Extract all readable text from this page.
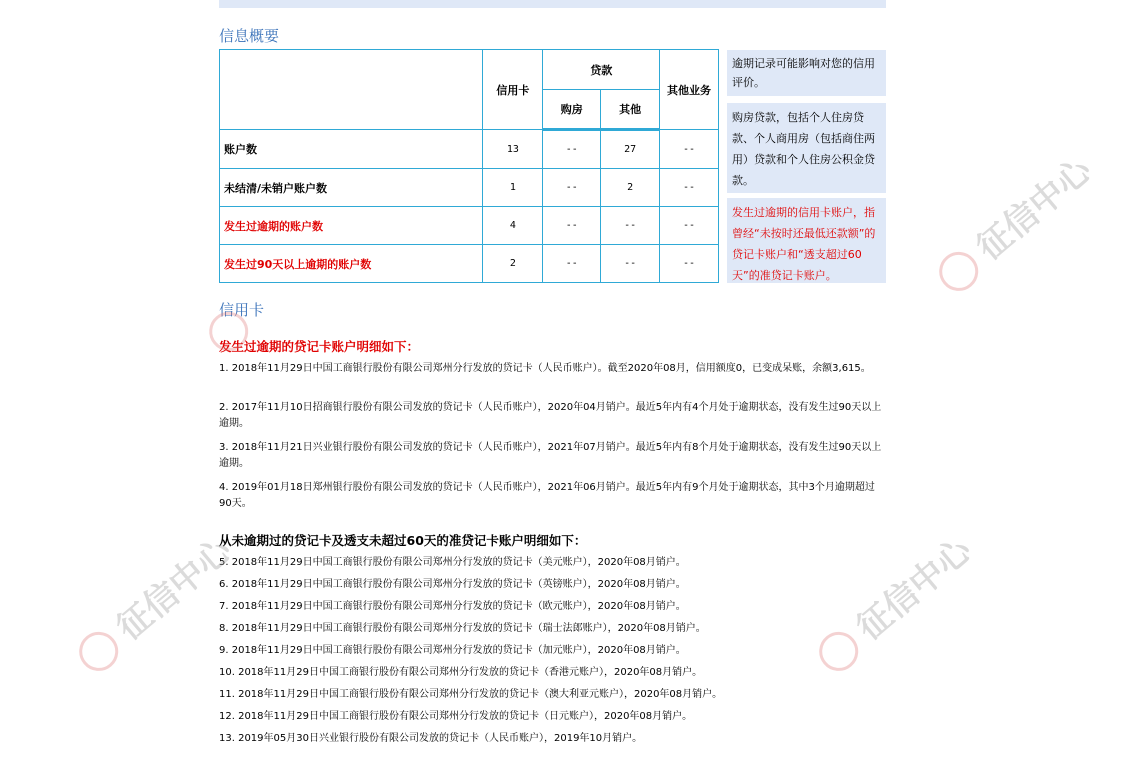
信息概要
	信用卡	贷款		其他业务
		购房	其他	
账户数	13	--	27	--
未结清/未销户账户数	1	--	2	--
发生过逾期的账户数	4	--	--	--
发生过90天以上逾期的账户数	2	--	--	--
逾期记录可能影响对您的信用评价。
购房贷款，包括个人住房贷款、个人商用房（包括商住两用）贷款和个人住房公积金贷款。
发生过逾期的信用卡账户，指曾经“未按时还最低还款额”的贷记卡账户和“透支超过60天”的准贷记卡账户。
信用卡
发生过逾期的贷记卡账户明细如下：
1. 2018年11月29日中国工商银行股份有限公司郑州分行发放的贷记卡（人民币账户）。截至2020年08月，信用额度0，已变成呆账，余额3,615。
2. 2017年11月10日招商银行股份有限公司发放的贷记卡（人民币账户），2020年04月销户。最近5年内有4个月处于逾期状态，没有发生过90天以上逾期。
3. 2018年11月21日兴业银行股份有限公司发放的贷记卡（人民币账户），2021年07月销户。最近5年内有8个月处于逾期状态，没有发生过90天以上逾期。
4. 2019年01月18日郑州银行股份有限公司发放的贷记卡（人民币账户），2021年06月销户。最近5年内有9个月处于逾期状态，其中3个月逾期超过90天。
从未逾期过的贷记卡及透支未超过60天的准贷记卡账户明细如下：
5. 2018年11月29日中国工商银行股份有限公司郑州分行发放的贷记卡（美元账户），2020年08月销户。
6. 2018年11月29日中国工商银行股份有限公司郑州分行发放的贷记卡（英镑账户），2020年08月销户。
7. 2018年11月29日中国工商银行股份有限公司郑州分行发放的贷记卡（欧元账户），2020年08月销户。
8. 2018年11月29日中国工商银行股份有限公司郑州分行发放的贷记卡（瑞士法郎账户），2020年08月销户。
9. 2018年11月29日中国工商银行股份有限公司郑州分行发放的贷记卡（加元账户），2020年08月销户。
10. 2018年11月29日中国工商银行股份有限公司郑州分行发放的贷记卡（香港元账户），2020年08月销户。
11. 2018年11月29日中国工商银行股份有限公司郑州分行发放的贷记卡（澳大利亚元账户），2020年08月销户。
12. 2018年11月29日中国工商银行股份有限公司郑州分行发放的贷记卡（日元账户），2020年08月销户。
13. 2019年05月30日兴业银行股份有限公司发放的贷记卡（人民币账户），2019年10月销户。
征信中心	征信中心
征信中心
